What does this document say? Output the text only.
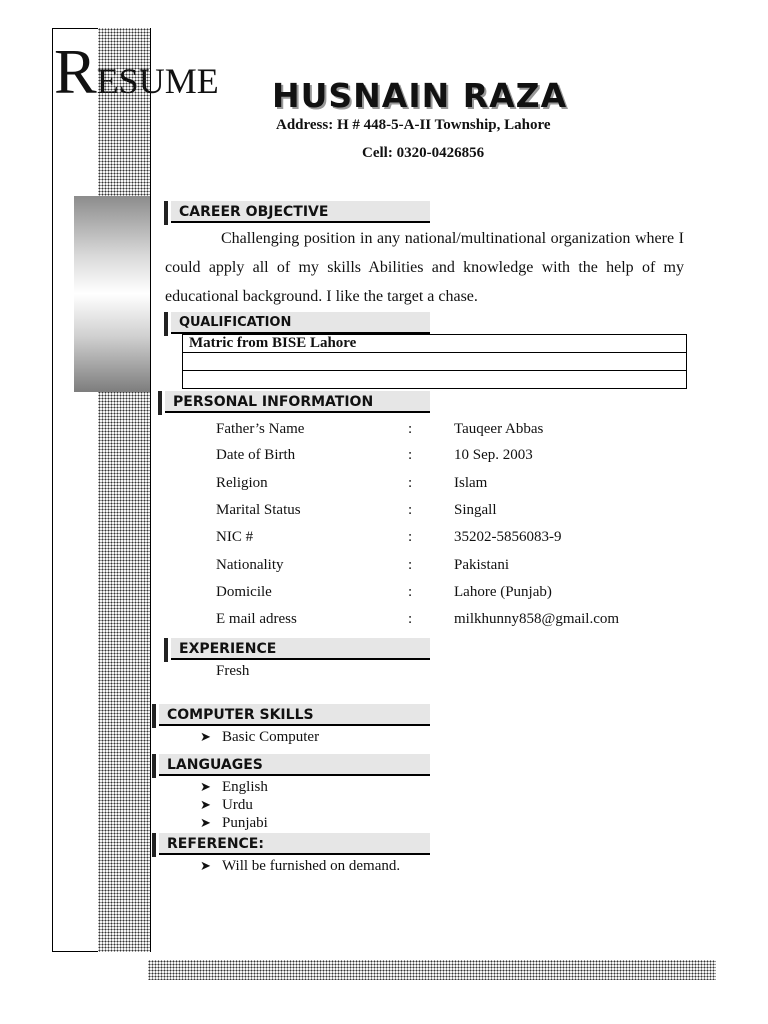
RESUME HUSNAIN RAZA
Address: H # 448-5-A-II Township, Lahore
Cell: 0320-0426856
CAREER OBJECTIVE
Challenging position in any national/multinational organization where I could apply all of my skills Abilities and knowledge with the help of my educational background. I like the target a chase.
QUALIFICATION
Matric from BISE Lahore

PERSONAL INFORMATION
Father’s Name	:	Tauqeer Abbas
Date of Birth	:	10 Sep. 2003
Religion	:	Islam
Marital Status	:	Singall
NIC #	:	35202-5856083-9
Nationality	:	Pakistani
Domicile	:	Lahore (Punjab)
E mail adress	:	milkhunny858@gmail.com
EXPERIENCE
Fresh
COMPUTER SKILLS
➤ Basic Computer
LANGUAGES
➤ English
➤ Urdu
➤ Punjabi
REFERENCE:
➤ Will be furnished on demand.
